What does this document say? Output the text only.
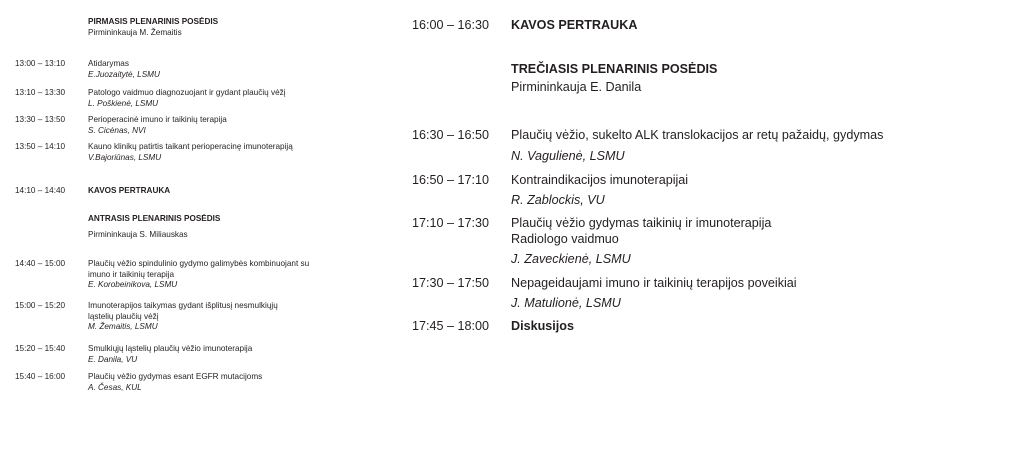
PIRMASIS PLENARINIS POSĖDIS
Pirmininkauja M. Žemaitis
13:00 – 13:10	Atidarymas
E.Juozaitytė, LSMU
13:10 – 13:30	Patologo vaidmuo diagnozuojant ir gydant plaučių vėžį
L. Poškienė, LSMU
13:30 – 13:50	Perioperacinė imuno ir taikinių terapija
S. Cicėnas, NVI
13:50 – 14:10	Kauno klinikų patirtis taikant perioperacinę imunoterapiją
V.Bajoriūnas, LSMU
14:10 – 14:40	KAVOS PERTRAUKA
ANTRASIS PLENARINIS POSĖDIS
Pirmininkauja S. Miliauskas
14:40 – 15:00	Plaučių vėžio spindulinio gydymo galimybės kombinuojant su
imuno ir taikinių terapija
E. Korobeinikova, LSMU
15:00 – 15:20	Imunoterapijos taikymas gydant išplitusį nesmulkiųjų
ląstelių plaučių vėžį
M. Žemaitis, LSMU
15:20 – 15:40	Smulkiųjų ląstelių plaučių vėžio imunoterapija
E. Danila, VU
15:40 – 16:00	Plaučių vėžio gydymas esant EGFR mutacijoms
A. Česas, KUL
16:00 – 16:30 KAVOS PERTRAUKA
TREČIASIS PLENARINIS POSĖDIS
Pirmininkauja E. Danila
16:30 – 16:50 Plaučių vėžio, sukelto ALK translokacijos ar retų pažaidų, gydymas
N. Vagulienė, LSMU
16:50 – 17:10 Kontraindikacijos imunoterapijai
R. Zablockis, VU
17:10 – 17:30 Plaučių vėžio gydymas taikinių ir imunoterapija
Radiologo vaidmuo
J. Zaveckienė, LSMU
17:30 – 17:50 Nepageidaujami imuno ir taikinių terapijos poveikiai
J. Matulionė, LSMU
17:45 – 18:00 Diskusijos
